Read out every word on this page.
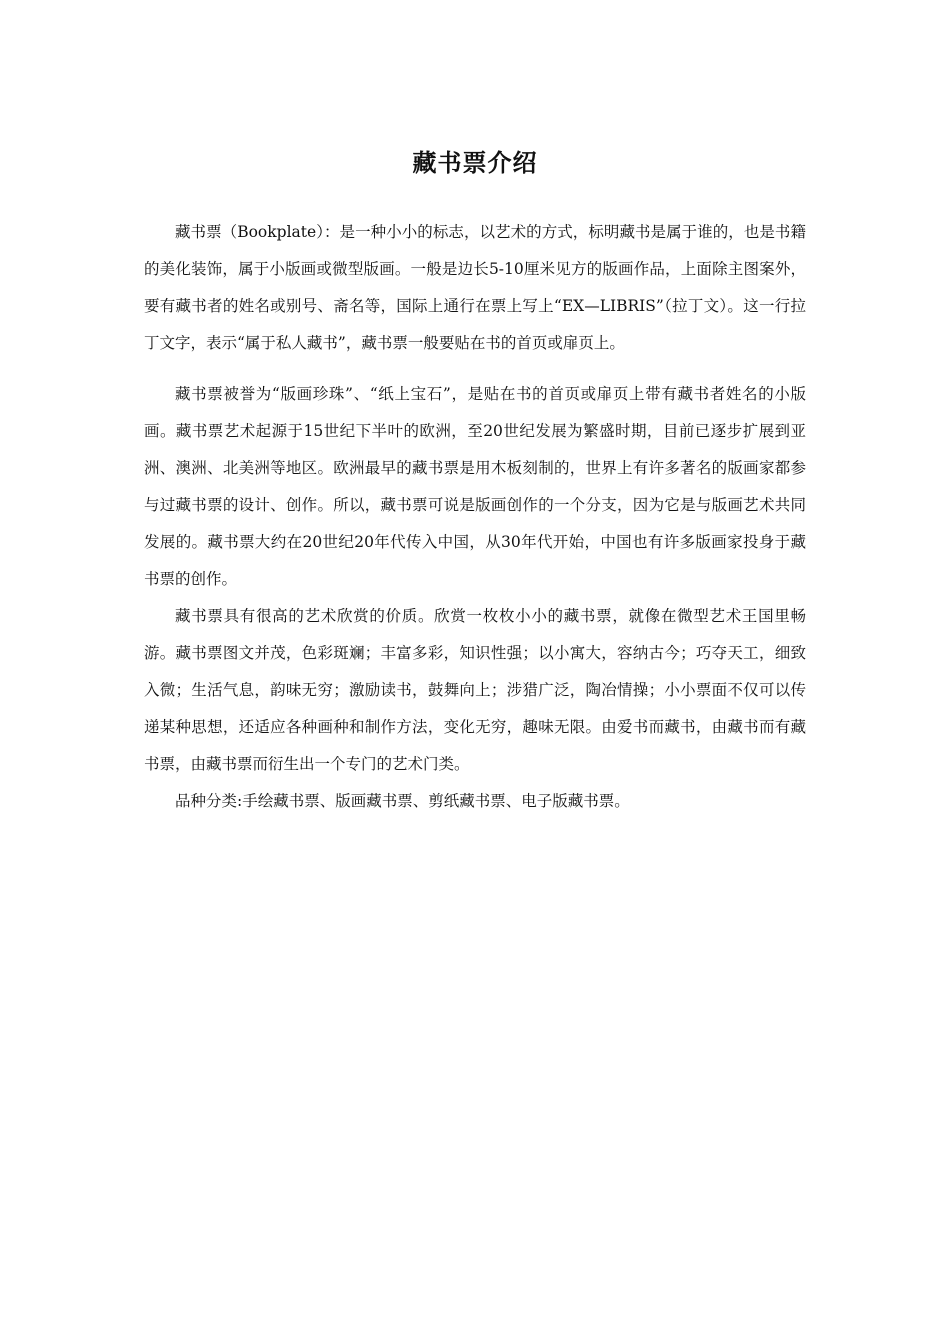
藏书票介绍

藏书票（Bookplate）：是一种小小的标志，以艺术的方式，标明藏书是属于谁的，也是书籍的美化装饰，属于小版画或微型版画。一般是边长5-10厘米见方的版画作品，上面除主图案外，要有藏书者的姓名或别号、斋名等，国际上通行在票上写上“EX—LIBRIS”（拉丁文）。这一行拉丁文字，表示“属于私人藏书”，藏书票一般要贴在书的首页或扉页上。

藏书票被誉为“版画珍珠”、“纸上宝石”，是贴在书的首页或扉页上带有藏书者姓名的小版画。藏书票艺术起源于15世纪下半叶的欧洲，至20世纪发展为繁盛时期，目前已逐步扩展到亚洲、澳洲、北美洲等地区。欧洲最早的藏书票是用木板刻制的，世界上有许多著名的版画家都参与过藏书票的设计、创作。所以，藏书票可说是版画创作的一个分支，因为它是与版画艺术共同发展的。藏书票大约在20世纪20年代传入中国，从30年代开始，中国也有许多版画家投身于藏书票的创作。

藏书票具有很高的艺术欣赏的价质。欣赏一枚枚小小的藏书票，就像在微型艺术王国里畅游。藏书票图文并茂，色彩斑斓；丰富多彩，知识性强；以小寓大，容纳古今；巧夺天工，细致入微；生活气息，韵味无穷；激励读书，鼓舞向上；涉猎广泛，陶冶情操；小小票面不仅可以传递某种思想，还适应各种画种和制作方法，变化无穷，趣味无限。由爱书而藏书，由藏书而有藏书票，由藏书票而衍生出一个专门的艺术门类。

品种分类:手绘藏书票、版画藏书票、剪纸藏书票、电子版藏书票。
